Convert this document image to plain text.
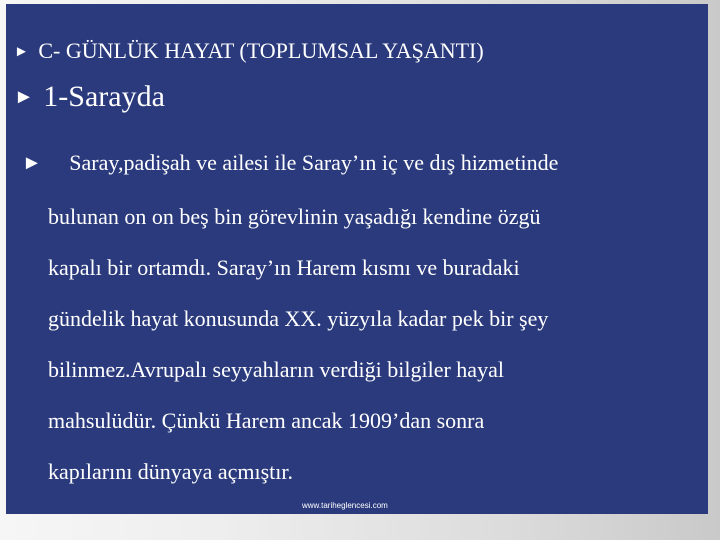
► C- GÜNLÜK HAYAT (TOPLUMSAL YAŞANTI)
► 1-Sarayda
► Saray,padişah ve ailesi ile Saray’ın iç ve dış hizmetinde
bulunan on on beş bin görevlinin yaşadığı kendine özgü
kapalı bir ortamdı. Saray’ın Harem kısmı ve buradaki
gündelik hayat konusunda XX. yüzyıla kadar pek bir şey
bilinmez.Avrupalı seyyahların verdiği bilgiler hayal
mahsulüdür. Çünkü Harem ancak 1909’dan sonra
kapılarını dünyaya açmıştır.
www.tariheglencesi.com
